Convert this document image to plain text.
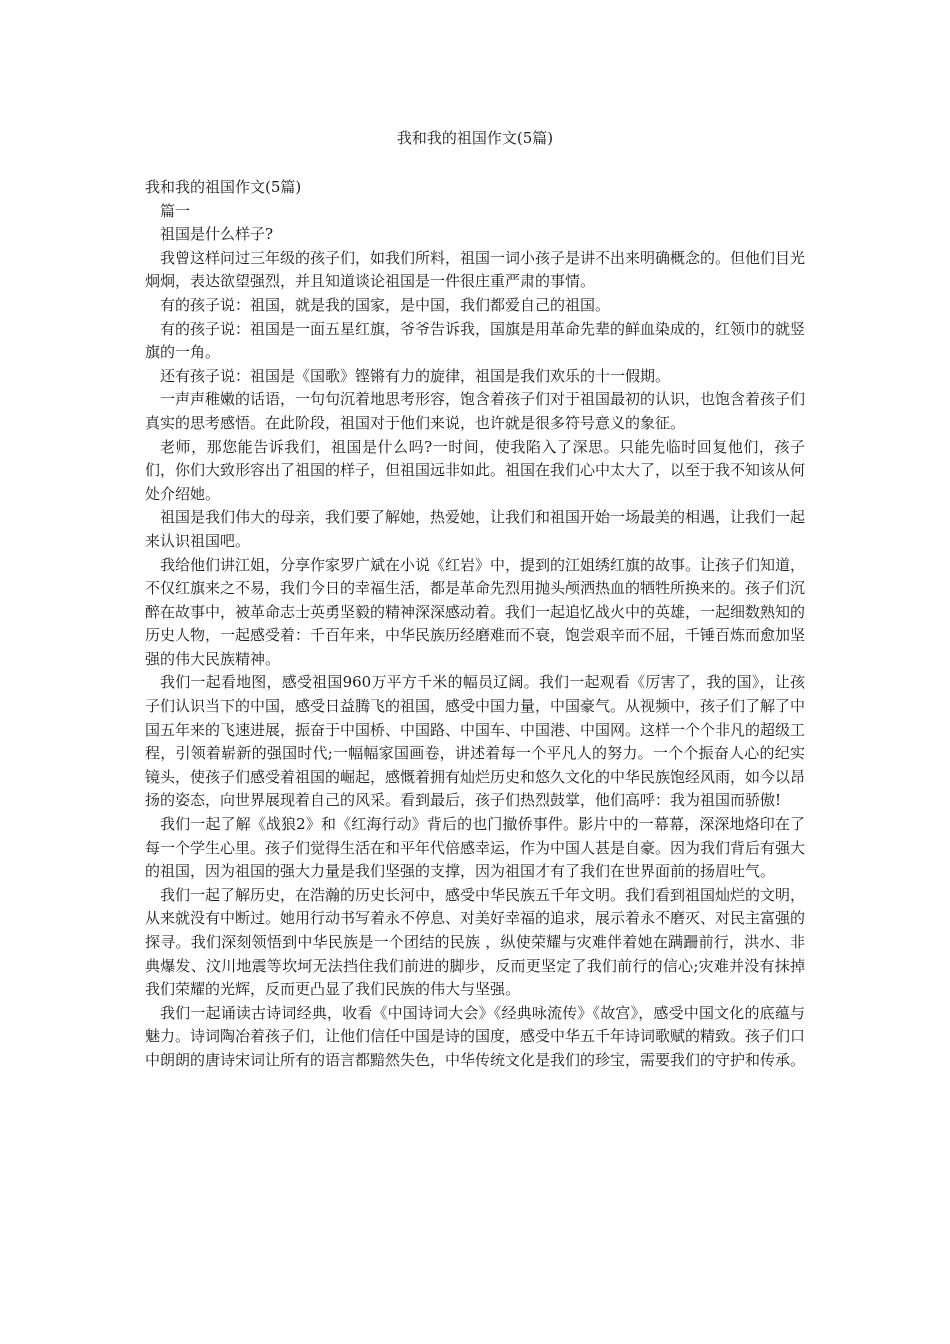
我和我的祖国作文(5篇)

我和我的祖国作文(5篇)

篇一

祖国是什么样子?

我曾这样问过三年级的孩子们，如我们所料，祖国一词小孩子是讲不出来明确概念的。但他们目光炯炯，表达欲望强烈，并且知道谈论祖国是一件很庄重严肃的事情。

有的孩子说：祖国，就是我的国家，是中国，我们都爱自己的祖国。

有的孩子说：祖国是一面五星红旗，爷爷告诉我，国旗是用革命先辈的鲜血染成的，红领巾的就竖旗的一角。

还有孩子说：祖国是《国歌》铿锵有力的旋律，祖国是我们欢乐的十一假期。

一声声稚嫩的话语，一句句沉着地思考形容，饱含着孩子们对于祖国最初的认识，也饱含着孩子们真实的思考感悟。在此阶段，祖国对于他们来说，也许就是很多符号意义的象征。

老师，那您能告诉我们，祖国是什么吗?一时间，使我陷入了深思。只能先临时回复他们，孩子们，你们大致形容出了祖国的样子，但祖国远非如此。祖国在我们心中太大了，以至于我不知该从何处介绍她。

祖国是我们伟大的母亲，我们要了解她，热爱她，让我们和祖国开始一场最美的相遇，让我们一起来认识祖国吧。

我给他们讲江姐，分享作家罗广斌在小说《红岩》中，提到的江姐绣红旗的故事。让孩子们知道，不仅红旗来之不易，我们今日的幸福生活，都是革命先烈用抛头颅洒热血的牺牲所换来的。孩子们沉醉在故事中，被革命志士英勇坚毅的精神深深感动着。我们一起追忆战火中的英雄，一起细数熟知的历史人物，一起感受着：千百年来，中华民族历经磨难而不衰，饱尝艰辛而不屈，千锤百炼而愈加坚强的伟大民族精神。

我们一起看地图，感受祖国960万平方千米的幅员辽阔。我们一起观看《厉害了，我的国》，让孩子们认识当下的中国，感受日益腾飞的祖国，感受中国力量，中国豪气。从视频中，孩子们了解了中国五年来的飞速进展，振奋于中国桥、中国路、中国车、中国港、中国网。这样一个个非凡的超级工程，引领着崭新的强国时代;一幅幅家国画卷，讲述着每一个平凡人的努力。一个个振奋人心的纪实镜头，使孩子们感受着祖国的崛起，感慨着拥有灿烂历史和悠久文化的中华民族饱经风雨，如今以昂扬的姿态，向世界展现着自己的风采。看到最后，孩子们热烈鼓掌，他们高呼：我为祖国而骄傲!

我们一起了解《战狼2》和《红海行动》背后的也门撤侨事件。影片中的一幕幕，深深地烙印在了每一个学生心里。孩子们觉得生活在和平年代倍感幸运，作为中国人甚是自豪。因为我们背后有强大的祖国，因为祖国的强大力量是我们坚强的支撑，因为祖国才有了我们在世界面前的扬眉吐气。

我们一起了解历史，在浩瀚的历史长河中，感受中华民族五千年文明。我们看到祖国灿烂的文明，从来就没有中断过。她用行动书写着永不停息、对美好幸福的追求，展示着永不磨灭、对民主富强的探寻。我们深刻领悟到中华民族是一个团结的民族 ，纵使荣耀与灾难伴着她在蹒跚前行，洪水、非典爆发、汶川地震等坎坷无法挡住我们前进的脚步，反而更坚定了我们前行的信心;灾难并没有抹掉我们荣耀的光辉，反而更凸显了我们民族的伟大与坚强。

我们一起诵读古诗词经典，收看《中国诗词大会》《经典咏流传》《故宫》，感受中国文化的底蕴与魅力。诗词陶冶着孩子们，让他们信任中国是诗的国度，感受中华五千年诗词歌赋的精致。孩子们口中朗朗的唐诗宋词让所有的语言都黯然失色，中华传统文化是我们的珍宝，需要我们的守护和传承。
